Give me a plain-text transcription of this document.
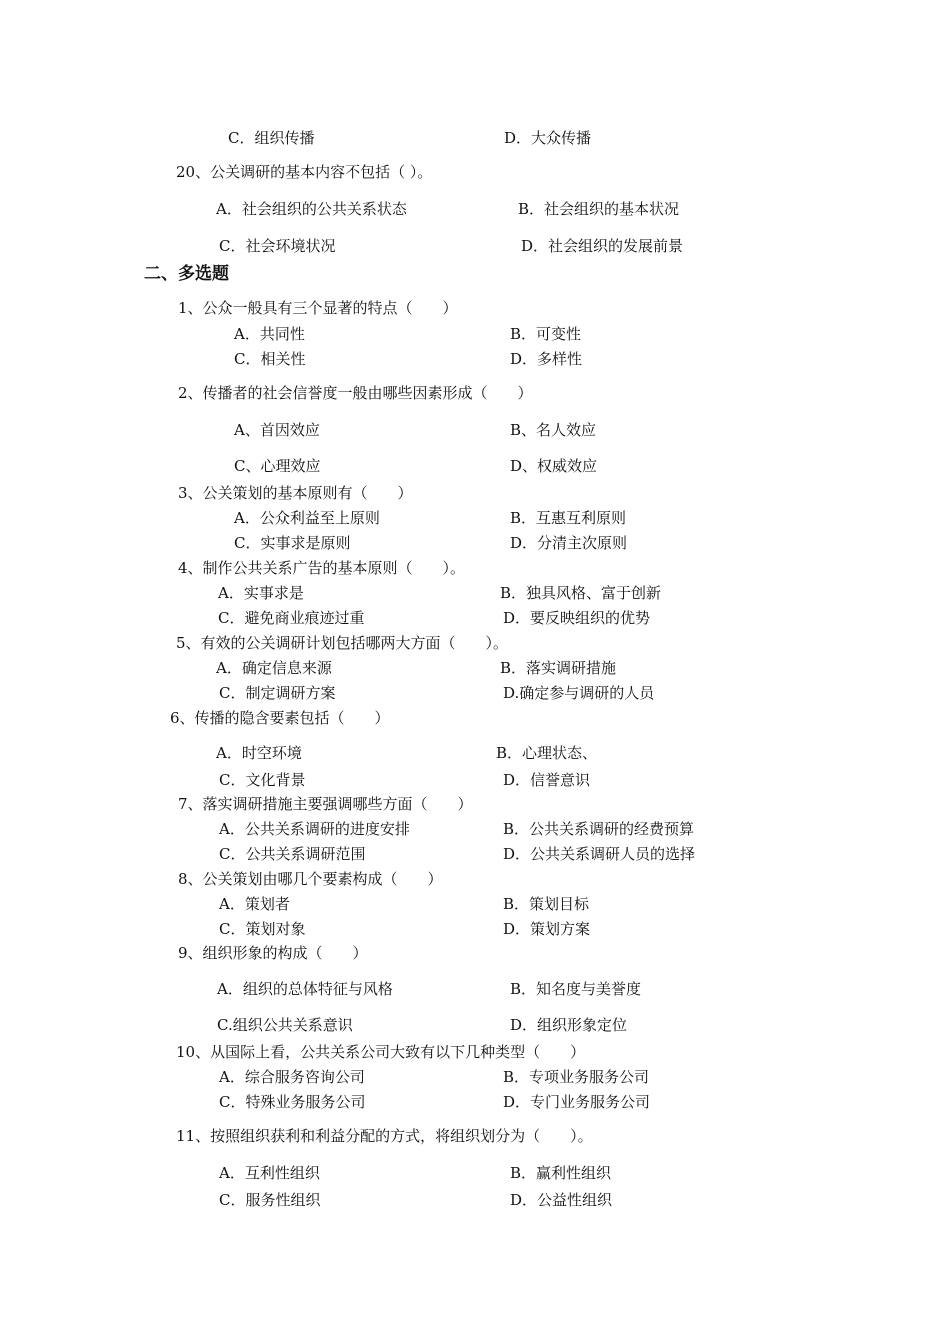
C．组织传播	D．大众传播
20、公关调研的基本内容不包括（ ）。
A．社会组织的公共关系状态	B．社会组织的基本状况
C．社会环境状况	D．社会组织的发展前景
二、多选题
1、公众一般具有三个显著的特点（　　）
A．共同性	B．可变性
C．相关性	D．多样性
2、传播者的社会信誉度一般由哪些因素形成（　　）
A、首因效应	B、名人效应
C、心理效应	D、权威效应
3、公关策划的基本原则有（　　）
A．公众利益至上原则	B．互惠互利原则
C．实事求是原则	D．分清主次原则
4、制作公共关系广告的基本原则（　　）。
A．实事求是	B．独具风格、富于创新
C．避免商业痕迹过重	D．要反映组织的优势
5、有效的公关调研计划包括哪两大方面（　　）。
A．确定信息来源	B．落实调研措施
C．制定调研方案	D.确定参与调研的人员
6、传播的隐含要素包括（　　）
A．时空环境	B．心理状态、
C．文化背景	D．信誉意识
7、落实调研措施主要强调哪些方面（　　）
A．公共关系调研的进度安排	B．公共关系调研的经费预算
C．公共关系调研范围	D．公共关系调研人员的选择
8、公关策划由哪几个要素构成（　　）
A．策划者	B．策划目标
C．策划对象	D．策划方案
9、组织形象的构成（　　）
A．组织的总体特征与风格	B．知名度与美誉度
C.组织公共关系意识	D．组织形象定位
10、从国际上看，公共关系公司大致有以下几种类型（　　）
A．综合服务咨询公司	B．专项业务服务公司
C．特殊业务服务公司	D．专门业务服务公司
11、按照组织获利和利益分配的方式，将组织划分为（　　）。
A．互利性组织	B．赢利性组织
C．服务性组织	D．公益性组织
